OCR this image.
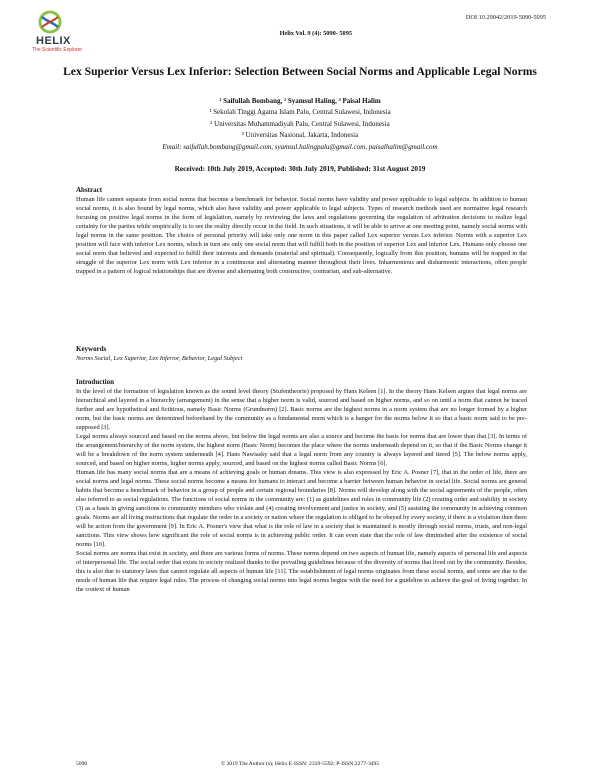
HELIX
The Scientific Explorer
DOI 10.29042/2019-5090-5095
Helix Vol. 9 (4): 5090- 5095
Lex Superior Versus Lex Inferior: Selection Between Social Norms and Applicable Legal Norms
¹ Saifullah Bombang, ² Syamsul Haling, ³ Paisal Halim
¹ Sekolah Tinggi Agama Islam Palu, Central Sulawesi, Indonesia
² Universitas Muhammadiyah Palu, Central Sulawesi, Indonesia
³ Universitas Nasional, Jakarta, Indonesia
Email: saifullah.bombang@gmail.com, syamsul.halingpalu@gmail.com, paisalhalim@gmail.com
Received: 10th July 2019, Accepted: 30th July 2019, Published: 31st August 2019

Abstract

Human life cannot separate from social norms that become a benchmark for behavior. Social norms have validity and power applicable to legal subjects. In addition to human social norms, it is also bound by legal norms, which also have validity and power applicable to legal subjects. Types of research methods used are normative legal research focusing on positive legal norms in the form of legislation, namely by reviewing the laws and regulations governing the regulation of arbitration decisions to realize legal certainty for the parties while empirically is to see the reality directly occur in the field. In such situations, it will be able to arrive at one meeting point, namely social norms with legal norms in the same position. The choice of personal priority will take only one norm in this paper called Lex superior versus Lex inferior. Norms with a superior Lex position will face with inferior Lex norms, which in turn are only one social norm that will fulfill both in the position of superior Lex and inferior Lex. Humans only choose one social norm that believed and expected to fulfill their interests and demands (material and spiritual). Consequently, logically from this position, humans will be trapped in the struggle of the superior Lex norm with Lex inferior in a continuous and alternating manner throughout their lives. Inharmonious and disharmonic interactions, often people trapped in a pattern of logical relationships that are diverse and alternating both constructive, contrarian, and sub-alternative.

Keywords

Norms Social, Lex Superior, Lex Inferior, Behavior, Legal Subject

Introduction

In the level of the formation of legislation known as the sound level theory (Stufentheorie) proposed by Hans Kelsen [1]. In the theory Hans Kelsen argues that legal norms are hierarchical and layered in a hierarchy (arrangement) in the sense that a higher norm is valid, sourced and based on higher norms, and so on until a norm that cannot be traced further and are hypothetical and fictitious, namely Basic Norms (Grundnorm) [2]. Basic norms are the highest norms in a norm system that are no longer formed by a higher norm, but the basic norms are determined beforehand by the community as a fundamental norm which is a hanger for the norms below it so that a basic norm said to be pre-supposed [3].

Legal norms always sourced and based on the norms above, but below the legal norms are also a source and become the basis for norms that are lower than that [3]. In terms of the arrangement/hierarchy of the norm system, the highest norm (Basic Norm) becomes the place where the norms underneath depend on it, so that if the Basic Norms change it will be a breakdown of the norm system underneath [4]. Hans Nawiasky said that a legal norm from any country is always layered and tiered [5]. The below norms apply, sourced, and based on higher norms, higher norms apply, sourced, and based on the highest norms called Basic Norms [6].

Human life has many social norms that are a means of achieving goals or human dreams. This view is also expressed by Eric A. Posner [7], that in the order of life, there are social norms and legal norms. These social norms become a means for humans to interact and become a barrier between human behavior in social life. Social norms are general habits that become a benchmark of behavior in a group of people and certain regional boundaries [8]. Norms will develop along with the social agreements of the people, often also referred to as social regulations. The functions of social norms in the community are: (1) as guidelines and rules in community life (2) creating order and stability in society (3) as a basis in giving sanctions to community members who violate and (4) creating involvement and justice in society, and (5) assisting the community in achieving common goals. Norms are all living instructions that regulate the order in a society or nation where the regulation is obliged to be obeyed by every society, if there is a violation then there will be action from the government [9]. In Eric A. Posner's view that what is the role of law in a society that is maintained is mostly through social norms, trusts, and non-legal sanctions. This view shows how significant the role of social norms is in achieving public order. It can even state that the role of law diminished after the existence of social norms [10].

Social norms are norms that exist in society, and there are various forms of norms. These norms depend on two aspects of human life, namely aspects of personal life and aspects of interpersonal life. The social order that exists in society realized thanks to the prevailing guidelines because of the diversity of norms that lived out by the community. Besides, this is also due to statutory laws that cannot regulate all aspects of human life [11]. The establishment of legal norms originates from these social norms, and some are due to the needs of human life that require legal rules. The process of changing social norms into legal norms begins with the need for a guideline to achieve the goal of living together. In the context of human

5090	© 2019 The Author (s); Helix E-ISSN: 2319-5592; P-ISSN:2277-3495
